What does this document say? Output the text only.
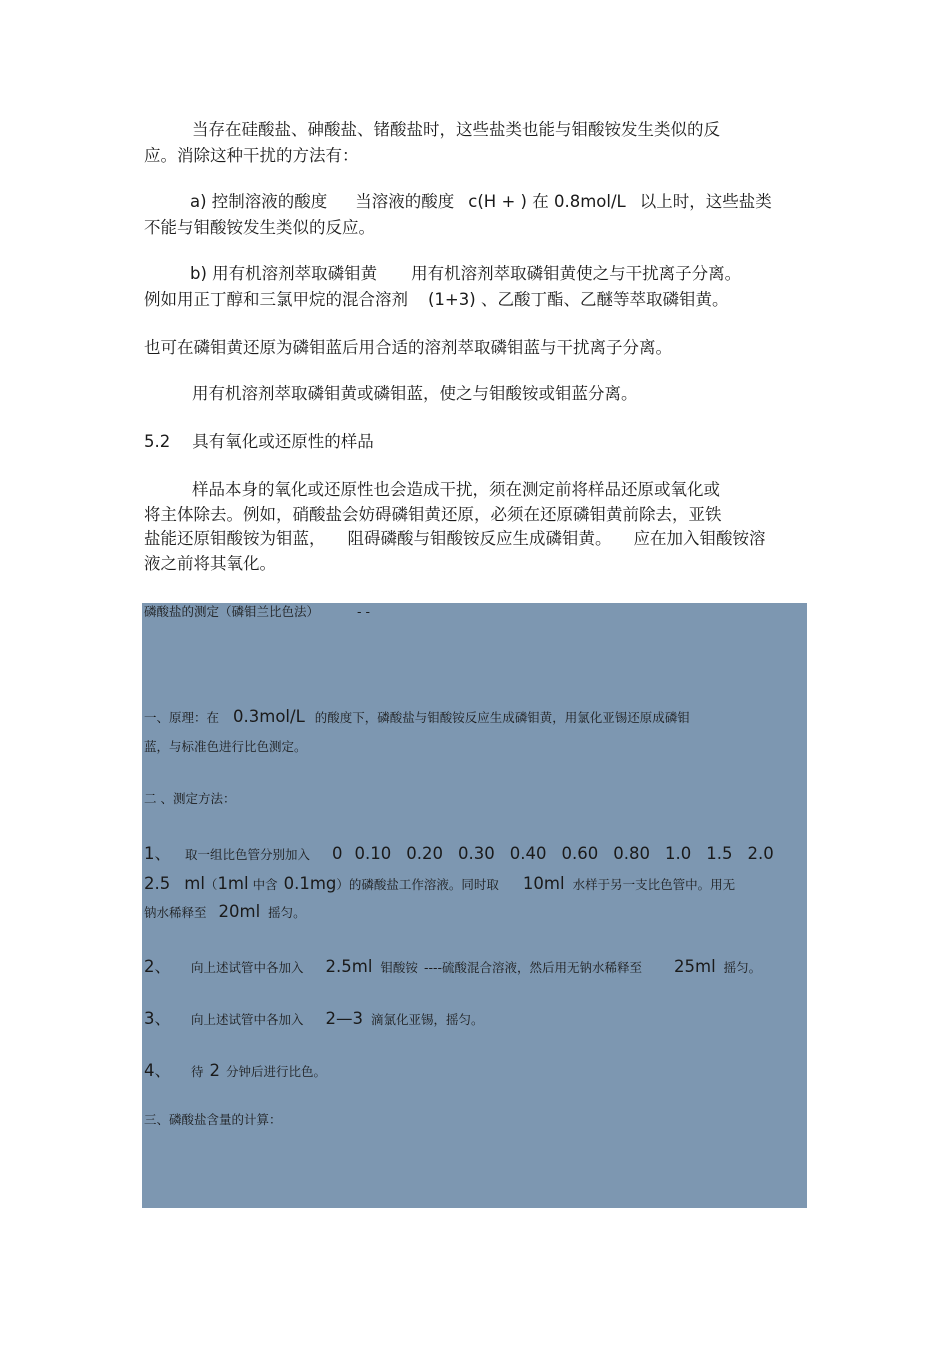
当存在硅酸盐、砷酸盐、锗酸盐时，这些盐类也能与钼酸铵发生类似的反
应。消除这种干扰的方法有：
a) 控制溶液的酸度 当溶液的酸度 c(H + ) 在 0.8mol/L 以上时，这些盐类
不能与钼酸铵发生类似的反应。
b) 用有机溶剂萃取磷钼黄 用有机溶剂萃取磷钼黄使之与干扰离子分离。
例如用正丁醇和三氯甲烷的混合溶剂 (1+3) 、乙酸丁酯、乙醚等萃取磷钼黄。
也可在磷钼黄还原为磷钼蓝后用合适的溶剂萃取磷钼蓝与干扰离子分离。
用有机溶剂萃取磷钼黄或磷钼蓝，使之与钼酸铵或钼蓝分离。
5.2 具有氧化或还原性的样品
样品本身的氧化或还原性也会造成干扰，须在测定前将样品还原或氧化或
将主体除去。例如，硝酸盐会妨碍磷钼黄还原，必须在还原磷钼黄前除去，亚铁
盐能还原钼酸铵为钼蓝， 阻碍磷酸与钼酸铵反应生成磷钼黄。 应在加入钼酸铵溶
液之前将其氧化。
磷酸盐的测定（磷钼兰比色法）	- -
一、原理：在 0.3mol/L 的酸度下，磷酸盐与钼酸铵反应生成磷钼黄，用氯化亚锡还原成磷钼
蓝，与标准色进行比色测定。
二 、测定方法：
1、 取一组比色管分别加入 0 0.10 0.20 0.30 0.40 0.60 0.80 1.0 1.5 2.0
2.5 ml（1ml 中含 0.1mg）的磷酸盐工作溶液。同时取 10ml 水样于另一支比色管中。用无
钠水稀释至 20ml 摇匀。
2、 向上述试管中各加入 2.5ml 钼酸铵 ----硫酸混合溶液，然后用无钠水稀释至 25ml 摇匀。
3、 向上述试管中各加入 2—3 滴氯化亚锡，摇匀。
4、 待 2 分钟后进行比色。
三、磷酸盐含量的计算：
